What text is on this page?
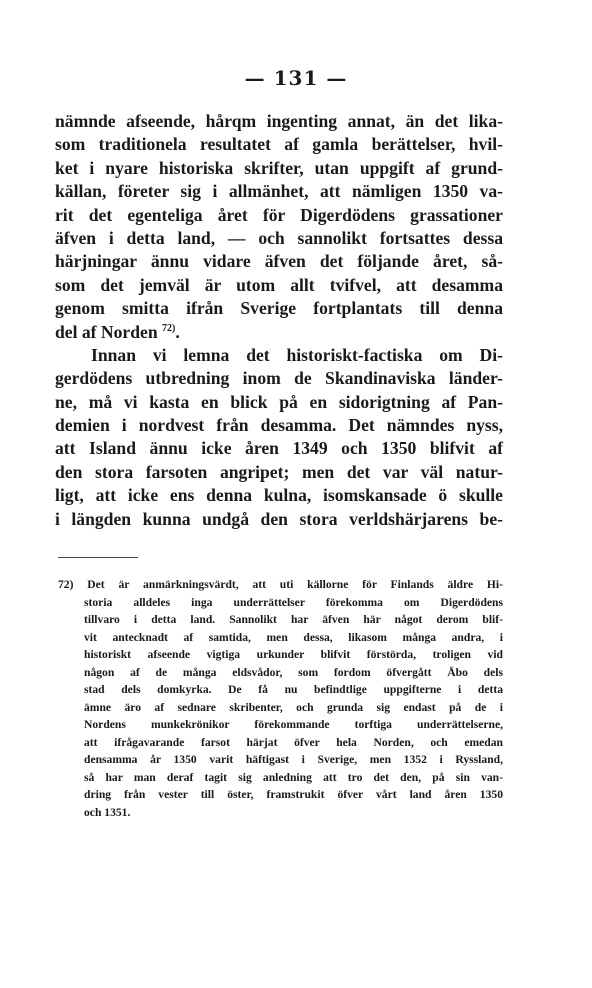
— 131 —
nämnde afseende, hårqm ingenting annat, än det lika-
som traditionela resultatet af gamla berättelser, hvil-
ket i nyare historiska skrifter, utan uppgift af grund-
källan, företer sig i allmänhet, att nämligen 1350 va-
rit det egenteliga året för Digerdödens grassationer
äfven i detta land, — och sannolikt fortsattes dessa
härjningar ännu vidare äfven det följande året, så-
som det jemväl är utom allt tvifvel, att desamma
genom smitta ifrån Sverige fortplantats till denna
del af Norden $^{72)}$.
Innan vi lemna det historiskt-factiska om Di-
gerdödens utbredning inom de Skandinaviska länder-
ne, må vi kasta en blick på en sidorigtning af Pan-
demien i nordvest från desamma. Det nämndes nyss,
att Island ännu icke åren 1349 och 1350 blifvit af
den stora farsoten angripet; men det var väl natur-
ligt, att icke ens denna kulna, isomskansade ö skulle
i längden kunna undgå den stora verldshärjarens be-
72) Det är anmärkningsvärdt, att uti källorne för Finlands äldre Hi-
storia alldeles inga underrättelser förekomma om Digerdödens
tillvaro i detta land. Sannolikt har äfven här något derom blif-
vit antecknadt af samtida, men dessa, likasom många andra, i
historiskt afseende vigtiga urkunder blifvit förstörda, troligen vid
någon af de många eldsvådor, som fordom öfvergått Åbo dels
stad dels domkyrka. De få nu befindtlige uppgifterne i detta
ämne äro af sednare skribenter, och grunda sig endast på de i
Nordens munkekrönikor förekommande torftiga underrättelserne,
att ifrågavarande farsot härjat öfver hela Norden, och emedan
densamma år 1350 varit häftigast i Sverige, men 1352 i Ryssland,
så har man deraf tagit sig anledning att tro det den, på sin van-
dring från vester till öster, framstrukit öfver vårt land åren 1350
och 1351.
